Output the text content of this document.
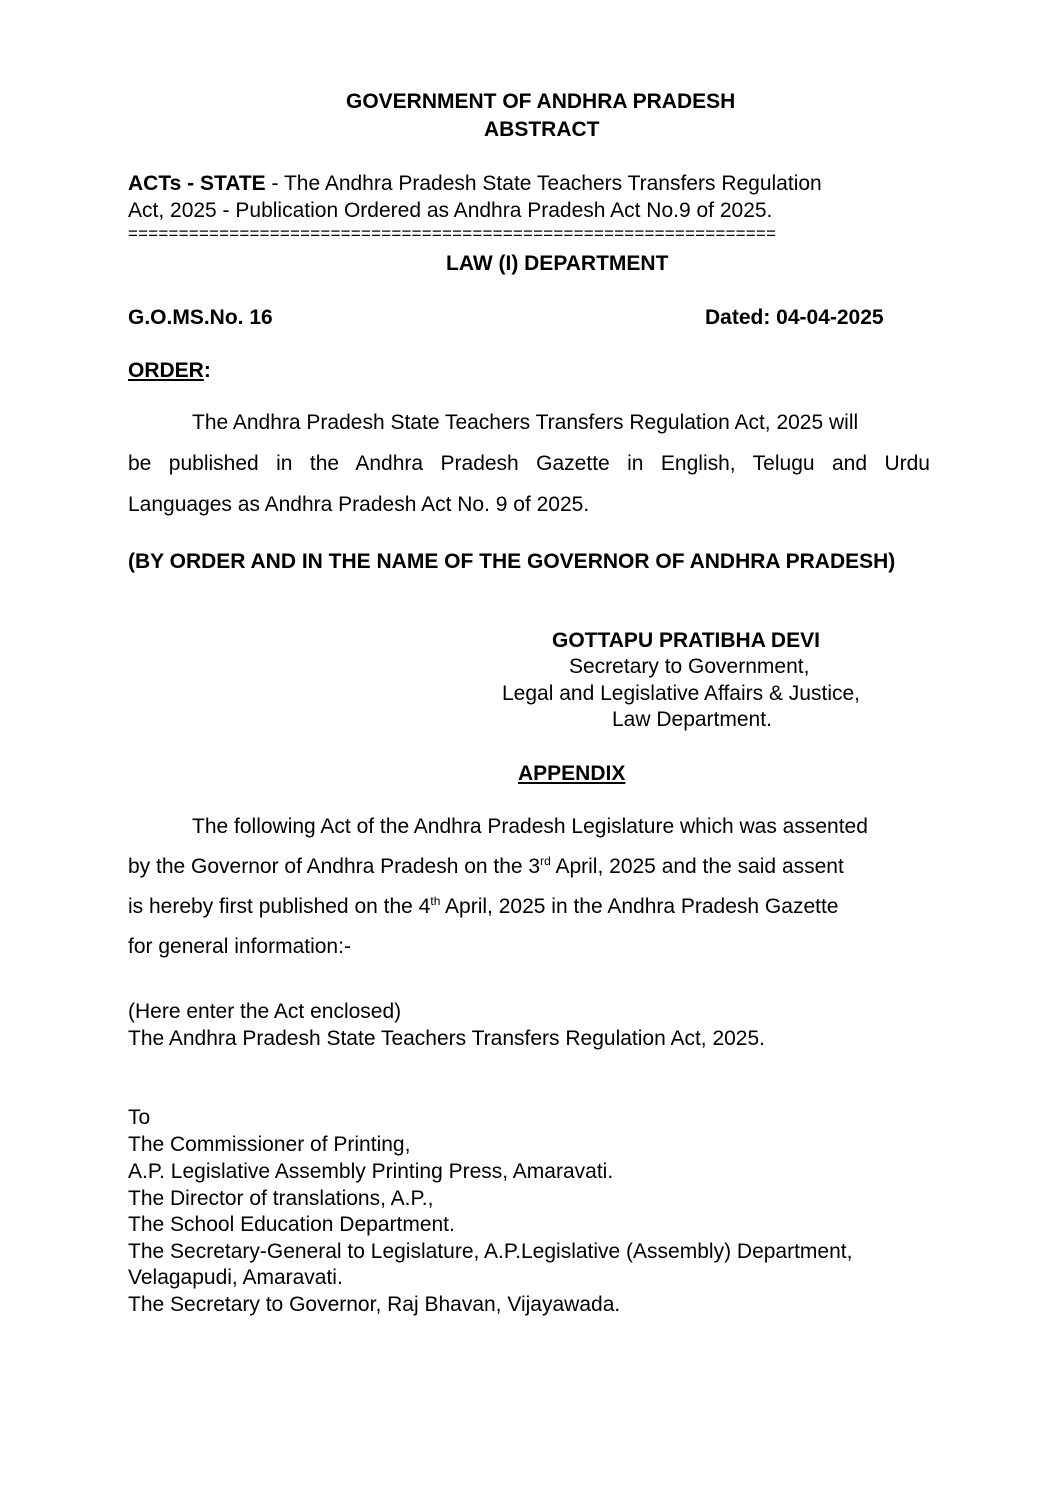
GOVERNMENT OF ANDHRA PRADESH
ABSTRACT
ACTs - STATE - The Andhra Pradesh State Teachers Transfers Regulation
Act, 2025 - Publication Ordered as Andhra Pradesh Act No.9 of 2025.
================================================================
LAW (I) DEPARTMENT
G.O.MS.No. 16	Dated: 04-04-2025
ORDER:
The Andhra Pradesh State Teachers Transfers Regulation Act, 2025 will
be published in the Andhra Pradesh Gazette in English, Telugu and Urdu
Languages as Andhra Pradesh Act No. 9 of 2025.
(BY ORDER AND IN THE NAME OF THE GOVERNOR OF ANDHRA PRADESH)
GOTTAPU PRATIBHA DEVI
Secretary to Government,
Legal and Legislative Affairs & Justice,
Law Department.
APPENDIX
The following Act of the Andhra Pradesh Legislature which was assented
by the Governor of Andhra Pradesh on the 3rd April, 2025 and the said assent
is hereby first published on the 4th April, 2025 in the Andhra Pradesh Gazette
for general information:-
(Here enter the Act enclosed)
The Andhra Pradesh State Teachers Transfers Regulation Act, 2025.
To
The Commissioner of Printing,
A.P. Legislative Assembly Printing Press, Amaravati.
The Director of translations, A.P.,
The School Education Department.
The Secretary-General to Legislature, A.P.Legislative (Assembly) Department,
Velagapudi, Amaravati.
The Secretary to Governor, Raj Bhavan, Vijayawada.
